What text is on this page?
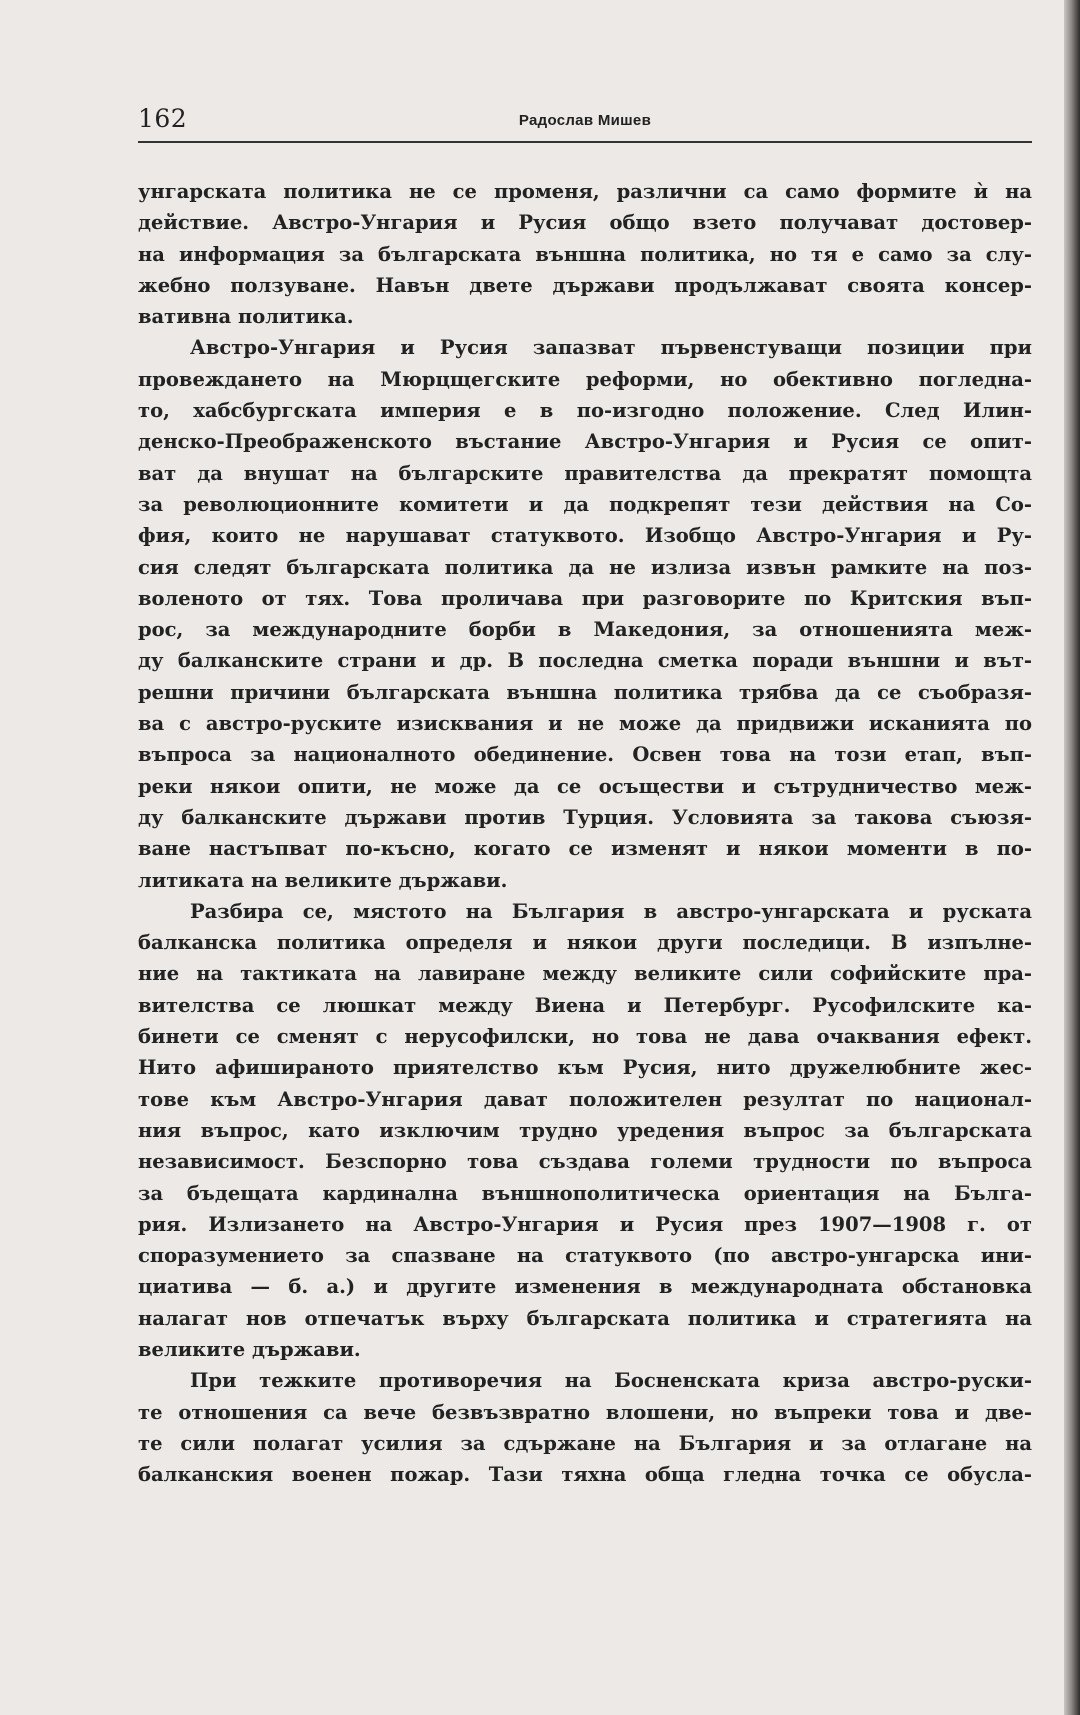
162	Радослав Мишев
унгарската политика не се променя, различни са само формите ѝ на
действие. Австро-Унгария и Русия общо взето получават достовер-
на информация за българската външна политика, но тя е само за слу-
жебно ползуване. Навън двете държави продължават своята консер-
вативна политика.
Австро-Унгария и Русия запазват първенстуващи позиции при
провеждането на Мюрцщегските реформи, но обективно погледна-
то, хабсбургската империя е в по-изгодно положение. След Илин-
денско-Преображенското въстание Австро-Унгария и Русия се опит-
ват да внушат на българските правителства да прекратят помощта
за революционните комитети и да подкрепят тези действия на Со-
фия, които не нарушават статуквото. Изобщо Австро-Унгария и Ру-
сия следят българската политика да не излиза извън рамките на поз-
воленото от тях. Това проличава при разговорите по Критския въп-
рос, за международните борби в Македония, за отношенията меж-
ду балканските страни и др. В последна сметка поради външни и вът-
решни причини българската външна политика трябва да се съобразя-
ва с австро-руските изисквания и не може да придвижи исканията по
въпроса за националното обединение. Освен това на този етап, въп-
реки някои опити, не може да се осъществи и сътрудничество меж-
ду балканските държави против Турция. Условията за такова съюзя-
ване настъпват по-късно, когато се изменят и някои моменти в по-
литиката на великите държави.
Разбира се, мястото на България в австро-унгарската и руската
балканска политика определя и някои други последици. В изпълне-
ние на тактиката на лавиране между великите сили софийските пра-
вителства се люшкат между Виена и Петербург. Русофилските ка-
бинети се сменят с нерусофилски, но това не дава очаквания ефект.
Нито афишираното приятелство към Русия, нито дружелюбните жес-
тове към Австро-Унгария дават положителен резултат по национал-
ния въпрос, като изключим трудно уредения въпрос за българската
независимост. Безспорно това създава големи трудности по въпроса
за бъдещата кардинална външнополитическа ориентация на Бълга-
рия. Излизането на Австро-Унгария и Русия през 1907—1908 г. от
споразумението за спазване на статуквото (по австро-унгарска ини-
циатива — б. а.) и другите изменения в международната обстановка
налагат нов отпечатък върху българската политика и стратегията на
великите държави.
При тежките противоречия на Босненската криза австро-руски-
те отношения са вече безвъзвратно влошени, но въпреки това и две-
те сили полагат усилия за сдържане на България и за отлагане на
балканския военен пожар. Тази тяхна обща гледна точка се обусла-
